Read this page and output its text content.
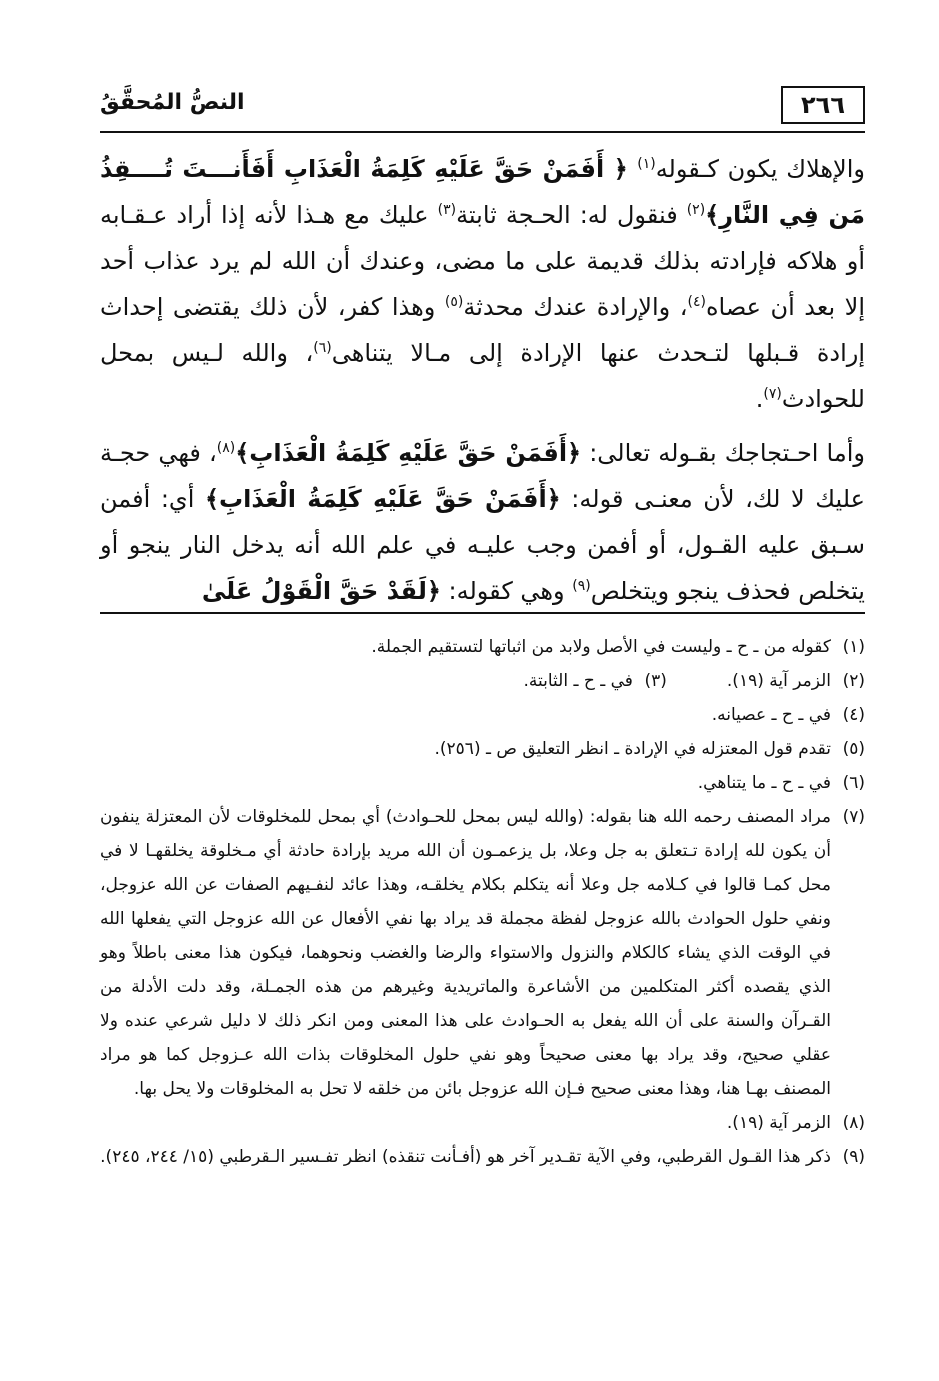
٢٦٦
النصُّ المُحقَّقُ

والإهلاك يكون كـقوله$^{(١)}$ ﴿ أَفَمَنْ حَقَّ عَلَيْهِ كَلِمَةُ الْعَذَابِ أَفَأَنـــتَ تُــــقِذُ مَن فِي النَّارِ﴾$^{(٢)}$ فنقول له: الحـجة ثابتة$^{(٣)}$ عليك مع هـذا لأنه إذا أراد عـقـابه أو هلاكه فإرادته بذلك قديمة على ما مضى، وعندك أن الله لم يرد عذاب أحد إلا بعد أن عصاه$^{(٤)}$، والإرادة عندك محدثة$^{(٥)}$ وهذا كفر، لأن ذلك يقتضى إحداث إرادة قـبلها لتـحدث عنها الإرادة إلى مـالا يتناهى$^{(٦)}$، والله لـيس بمحل للحوادث$^{(٧)}$.

وأما احـتجاجك بقـوله تعالى: ﴿أَفَمَنْ حَقَّ عَلَيْهِ كَلِمَةُ الْعَذَابِ﴾$^{(٨)}$، فهي حجـة عليك لا لك، لأن معنـى قوله: ﴿أَفَمَنْ حَقَّ عَلَيْهِ كَلِمَةُ الْعَذَابِ﴾ أي: أفمن سـبق عليه القـول، أو أفمن وجب عليـه في علم الله أنه يدخل النار ينجو أو يتخلص فحذف ينجو ويتخلص$^{(٩)}$ وهي كقوله: ﴿لَقَدْ حَقَّ الْقَوْلُ عَلَىٰ

(١)
كقوله من ـ ح ـ وليست في الأصل ولابد من اثباتها لتستقيم الجملة.

(٢)
الزمر آية (١٩).

(٣)
في ـ ح ـ الثابتة.

(٤)
في ـ ح ـ عصيانه.

(٥)
تقدم قول المعتزله في الإرادة ـ انظر التعليق ص ـ (٢٥٦).

(٦)
في ـ ح ـ ما يتناهي.

(٧)
مراد المصنف رحمه الله هنا بقوله: (والله ليس بمحل للحـوادث) أي بمحل للمخلوقات لأن المعتزلة ينفون أن يكون لله إرادة تـتعلق به جل وعلا، بل يزعمـون أن الله مريد بإرادة حادثة أي مـخلوقة يخلقهـا لا في محل كمـا قالوا في كـلامه جل وعلا أنه يتكلم بكلام يخلقـه، وهذا عائد لنفـيهم الصفات عن الله عزوجل، ونفي حلول الحوادث بالله عزوجل لفظة مجملة قد يراد بها نفي الأفعال عن الله عزوجل التي يفعلها الله في الوقت الذي يشاء كالكلام والنزول والاستواء والرضا والغضب ونحوهما، فيكون هذا معنى باطلاً وهو الذي يقصده أكثر المتكلمين من الأشاعرة والماتريدية وغيرهم من هذه الجمـلة، وقد دلت الأدلة من القـرآن والسنة على أن الله يفعل به الحـوادث على هذا المعنى ومن انكر ذلك لا دليل شرعي عنده ولا عقلي صحيح، وقد يراد بها معنى صحيحاً وهو نفي حلول المخلوقات بذات الله عـزوجل كما هو مراد المصنف بهـا هنا، وهذا معنى صحيح فـإن الله عزوجل بائن من خلقه لا تحل به المخلوقات ولا يحل بها.

(٨)
الزمر آية (١٩).

(٩)
ذكر هذا القـول القرطبي، وفي الآية تقـدير آخر هو (أفـأنت تنقذه) انظر تفـسير الـقرطبي (١٥/ ٢٤٤، ٢٤٥).
